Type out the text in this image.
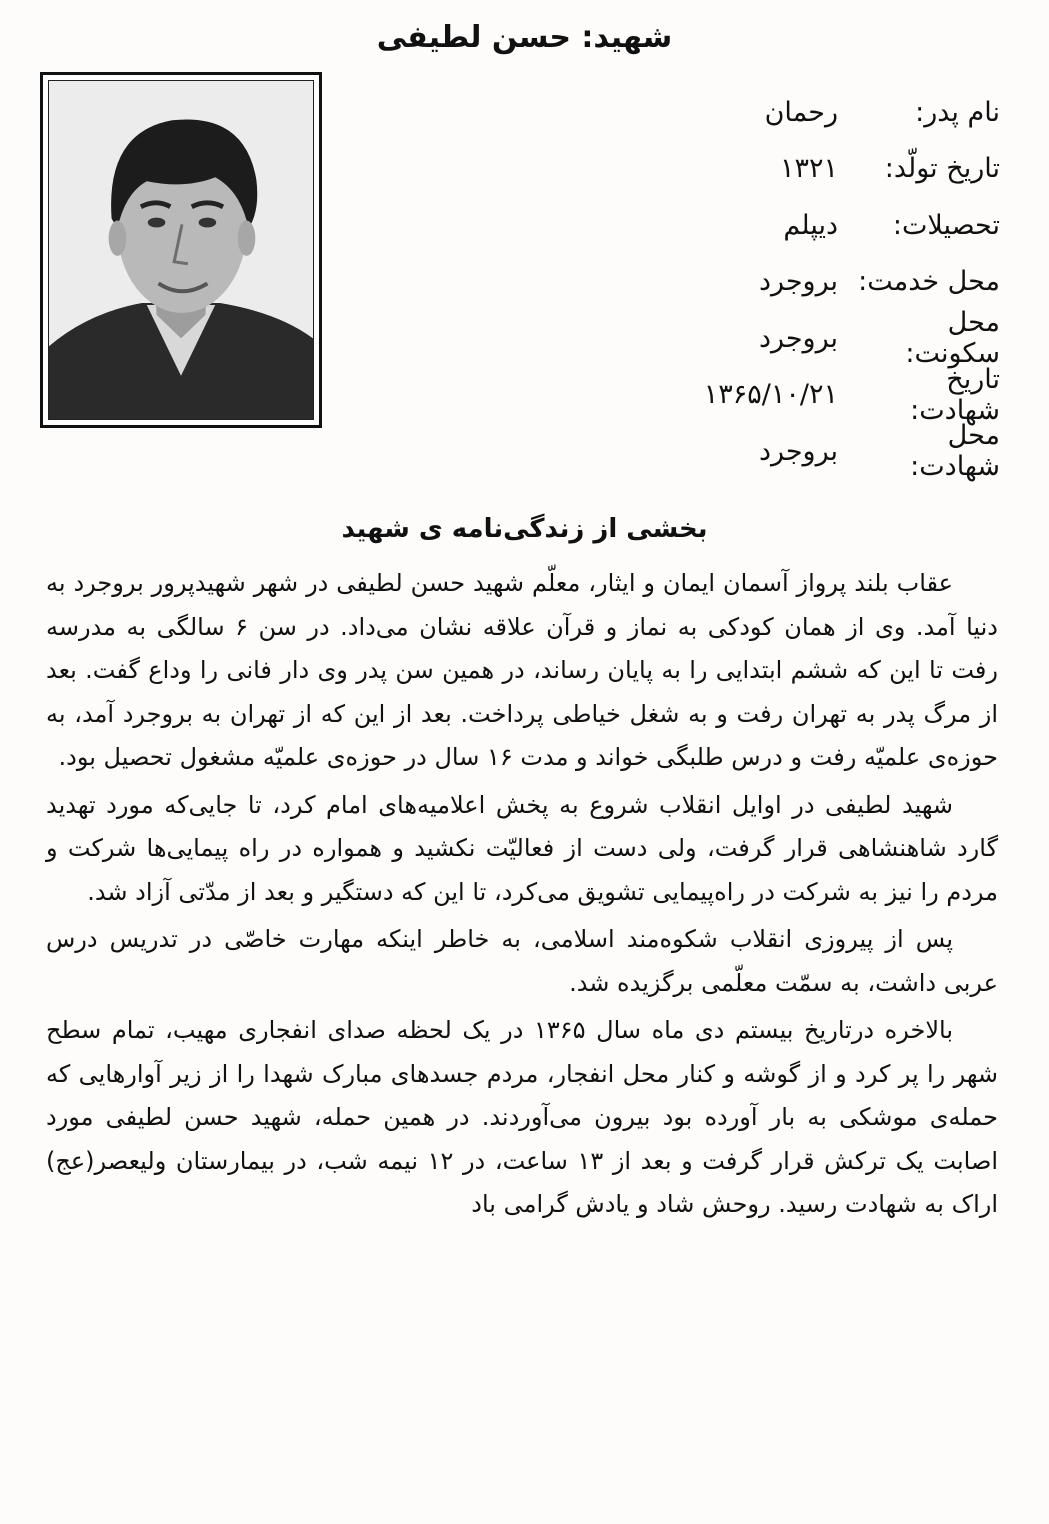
شهید: حسن لطیفی
نام پدر:
رحمان
تاریخ تولّد:
۱۳۲۱
تحصیلات:
دیپلم
محل خدمت:
بروجرد
محل سکونت:
بروجرد
تاریخ شهادت:
۱۳۶۵/۱۰/۲۱
محل شهادت:
بروجرد
بخشی از زندگی‌نامه ی شهید

عقاب بلند پرواز آسمان ایمان و ایثار، معلّم شهید حسن لطیفی در شهر شهیدپرور بروجرد به دنیا آمد. وی از همان کودکی به نماز و قرآن علاقه نشان می‌داد. در سن ۶ سالگی به مدرسه رفت تا این که ششم ابتدایی را به پایان رساند، در همین سن پدر وی دار فانی را وداع گفت. بعد از مرگ پدر به تهران رفت و به شغل خیاطی پرداخت. بعد از این که از تهران به بروجرد آمد، به حوزه‌ی علمیّه رفت و درس طلبگی خواند و مدت ۱۶ سال در حوزه‌ی علمیّه مشغول تحصیل بود.

شهید لطیفی در اوایل انقلاب شروع به پخش اعلامیه‌های امام کرد، تا جایی‌که مورد تهدید گارد شاهنشاهی قرار گرفت، ولی دست از فعالیّت نکشید و همواره در راه پیمایی‌ها شرکت و مردم را نیز به شرکت در راه‌پیمایی تشویق می‌کرد، تا این که دستگیر و بعد از مدّتی آزاد شد.

پس از پیروزی انقلاب شکوه‌مند اسلامی، به خاطر اینکه مهارت خاصّی در تدریس درس عربی داشت، به سمّت معلّمی برگزیده شد.

بالاخره درتاریخ بیستم دی ماه سال ۱۳۶۵ در یک لحظه صدای انفجاری مهیب، تمام سطح شهر را پر کرد و از گوشه و کنار محل انفجار، مردم جسدهای مبارک شهدا را از زیر آوارهایی که حمله‌ی موشکی به بار آورده بود بیرون می‌آوردند. در همین حمله، شهید حسن لطیفی مورد اصابت یک ترکش قرار گرفت و بعد از ۱۳ ساعت، در ۱۲ نیمه شب، در بیمارستان ولیعصر(عج) اراک به شهادت رسید. روحش شاد و یادش گرامی باد
